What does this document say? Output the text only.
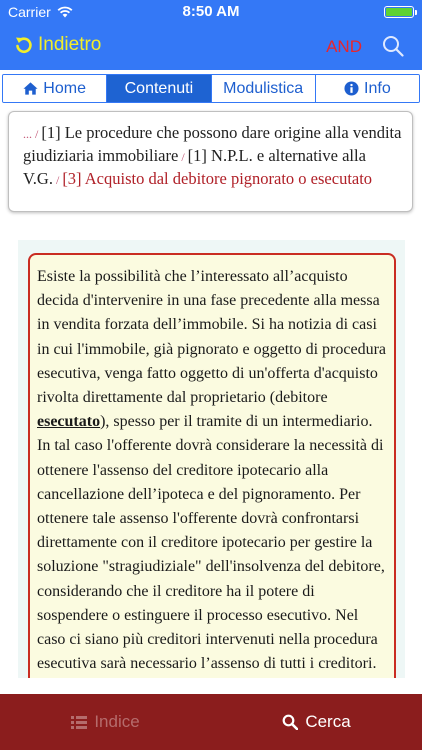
Carrier	8:50 AM
Indietro	AND
Home Contenuti Modulistica	Info
... / [1] Le procedure che possono dare origine alla vendita giudiziaria immobiliare / [1] N.P.L. e alternative alla V.G. / [3] Acquisto dal debitore pignorato o esecutato
Esiste la possibilità che l’interessato all’acquisto decida d'intervenire in una fase precedente alla messa in vendita forzata dell’immobile. Si ha notizia di casi in cui l'immobile, già pignorato e oggetto di procedura esecutiva, venga fatto oggetto di un'offerta d'acquisto rivolta direttamente dal proprietario (debitore esecutato), spesso per il tramite di un intermediario. In tal caso l'offerente dovrà considerare la necessità di ottenere l'assenso del creditore ipotecario alla cancellazione dell’ipoteca e del pignoramento. Per ottenere tale assenso l'offerente dovrà confrontarsi direttamente con il creditore ipotecario per gestire la soluzione "stragiudiziale" dell'insolvenza del debitore, considerando che il creditore ha il potere di sospendere o estinguere il processo esecutivo. Nel caso ci siano più creditori intervenuti nella procedura esecutiva sarà necessario l’assenso di tutti i creditori.
Indice	Cerca
